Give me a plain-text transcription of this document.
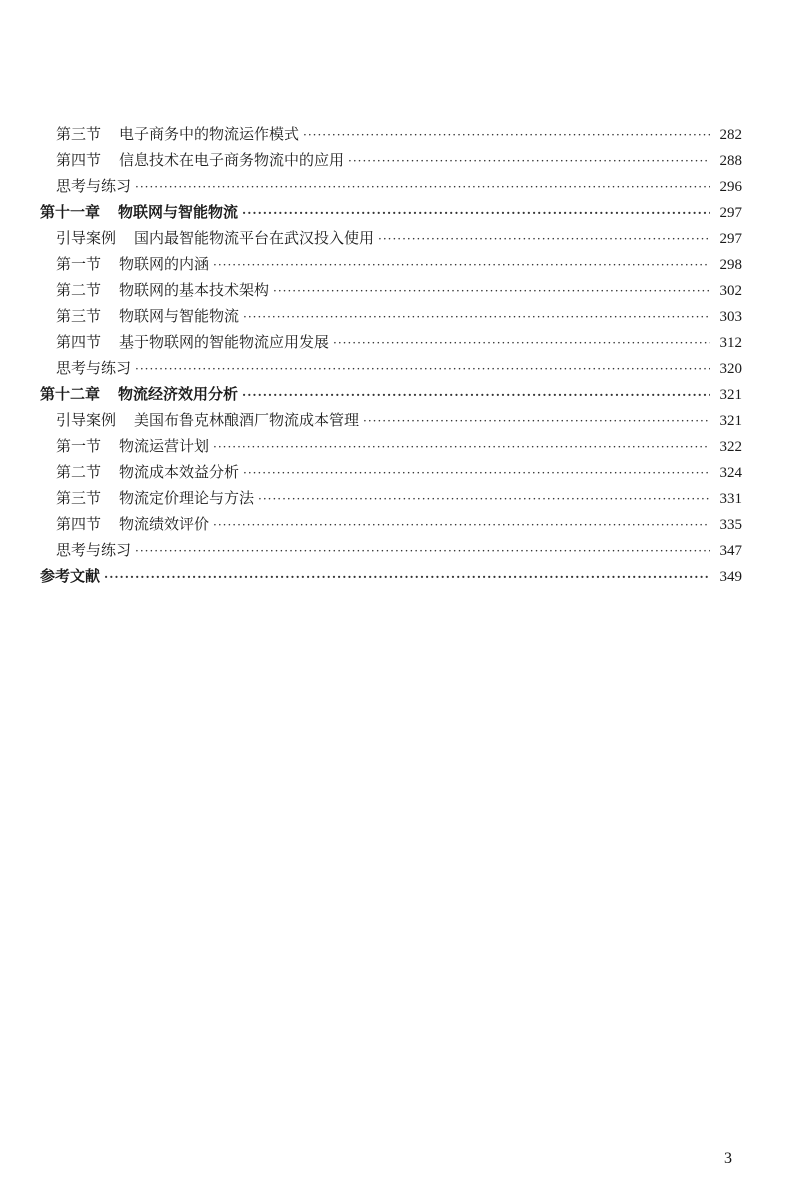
第三节 电子商务中的物流运作模式 ·····	282
第四节 信息技术在电子商务物流中的应用 ·····	288
思考与练习 ·····	296
第十一章 物联网与智能物流 ·····	297
引导案例 国内最智能物流平台在武汉投入使用 ·····	297
第一节 物联网的内涵 ·····	298
第二节 物联网的基本技术架构 ·····	302
第三节 物联网与智能物流 ·····	303
第四节 基于物联网的智能物流应用发展 ·····	312
思考与练习 ·····	320
第十二章 物流经济效用分析 ·····	321
引导案例 美国布鲁克林酿酒厂物流成本管理 ·····	321
第一节 物流运营计划 ·····	322
第二节 物流成本效益分析 ·····	324
第三节 物流定价理论与方法 ·····	331
第四节 物流绩效评价 ·····	335
思考与练习 ·····	347
参考文献 ·····	349
3
